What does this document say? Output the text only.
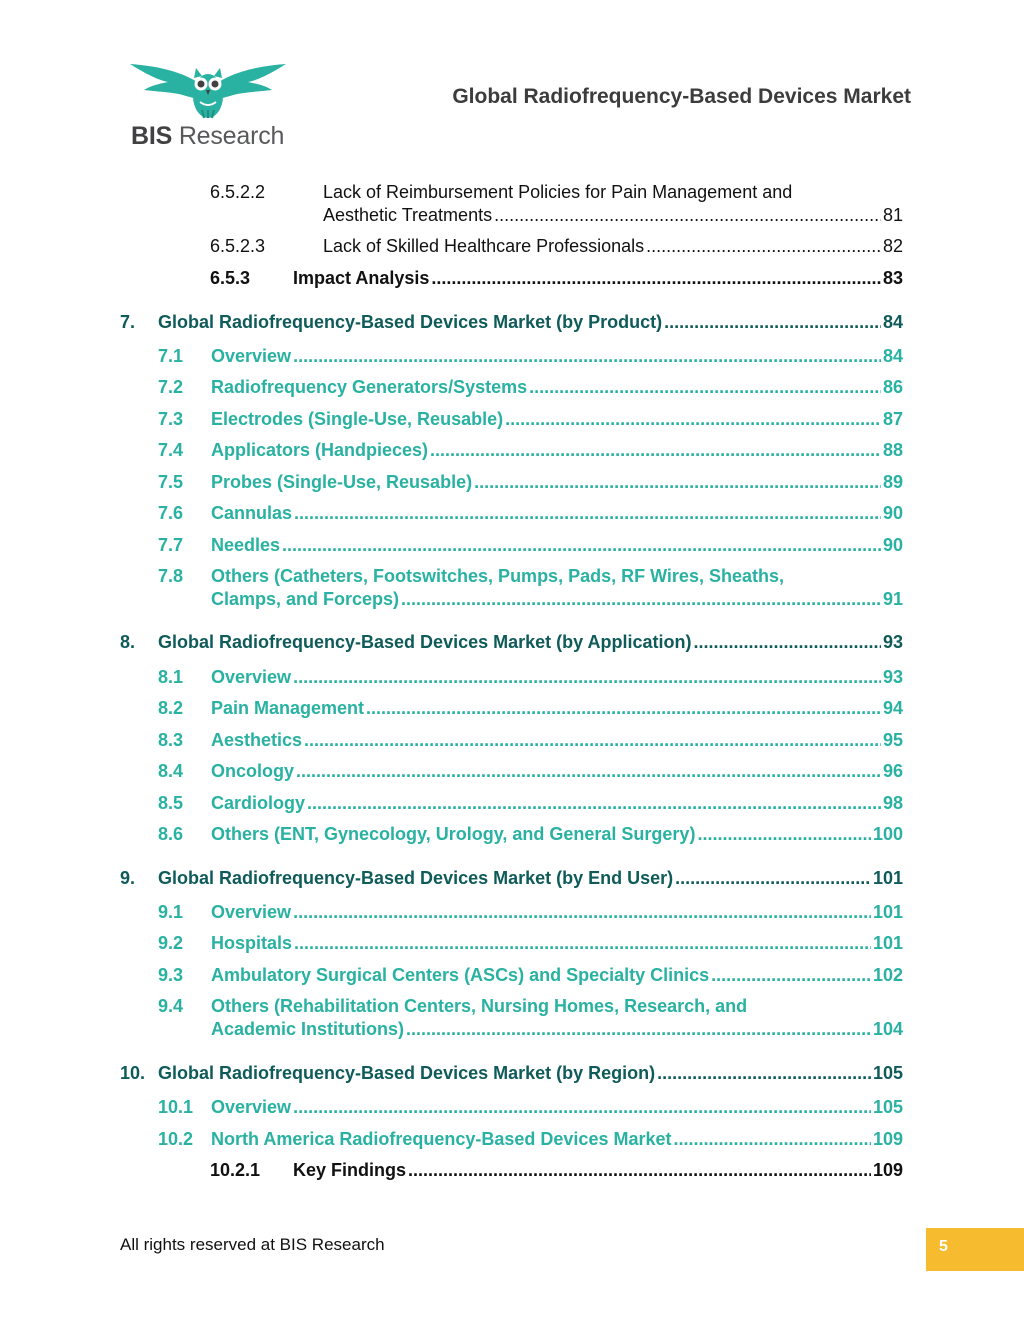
BIS Research
Global Radiofrequency-Based Devices Market
6.5.2.2	Lack of Reimbursement Policies for Pain Management and
Aesthetic Treatments .....	81
6.5.2.3	Lack of Skilled Healthcare Professionals .....	82
6.5.3 Impact Analysis .....	83
7. Global Radiofrequency-Based Devices Market (by Product) .....	84
7.1 Overview .....	84
7.2 Radiofrequency Generators/Systems .....	86
7.3 Electrodes (Single-Use, Reusable) .....	87
7.4 Applicators (Handpieces) .....	88
7.5 Probes (Single-Use, Reusable) .....	89
7.6 Cannulas .....	90
7.7 Needles .....	90
7.8 Others (Catheters, Footswitches, Pumps, Pads, RF Wires, Sheaths,
Clamps, and Forceps) .....	91
8. Global Radiofrequency-Based Devices Market (by Application) .....	93
8.1 Overview .....	93
8.2 Pain Management .....	94
8.3 Aesthetics .....	95
8.4 Oncology .....	96
8.5 Cardiology .....	98
8.6 Others (ENT, Gynecology, Urology, and General Surgery) .....	100
9. Global Radiofrequency-Based Devices Market (by End User) .....	101
9.1 Overview .....	101
9.2 Hospitals .....	101
9.3 Ambulatory Surgical Centers (ASCs) and Specialty Clinics .....	102
9.4 Others (Rehabilitation Centers, Nursing Homes, Research, and
Academic Institutions) .....	104
10. Global Radiofrequency-Based Devices Market (by Region) .....	105
10.1 Overview .....	105
10.2 North America Radiofrequency-Based Devices Market .....	109
10.2.1 Key Findings .....	109
All rights reserved at BIS Research	5
